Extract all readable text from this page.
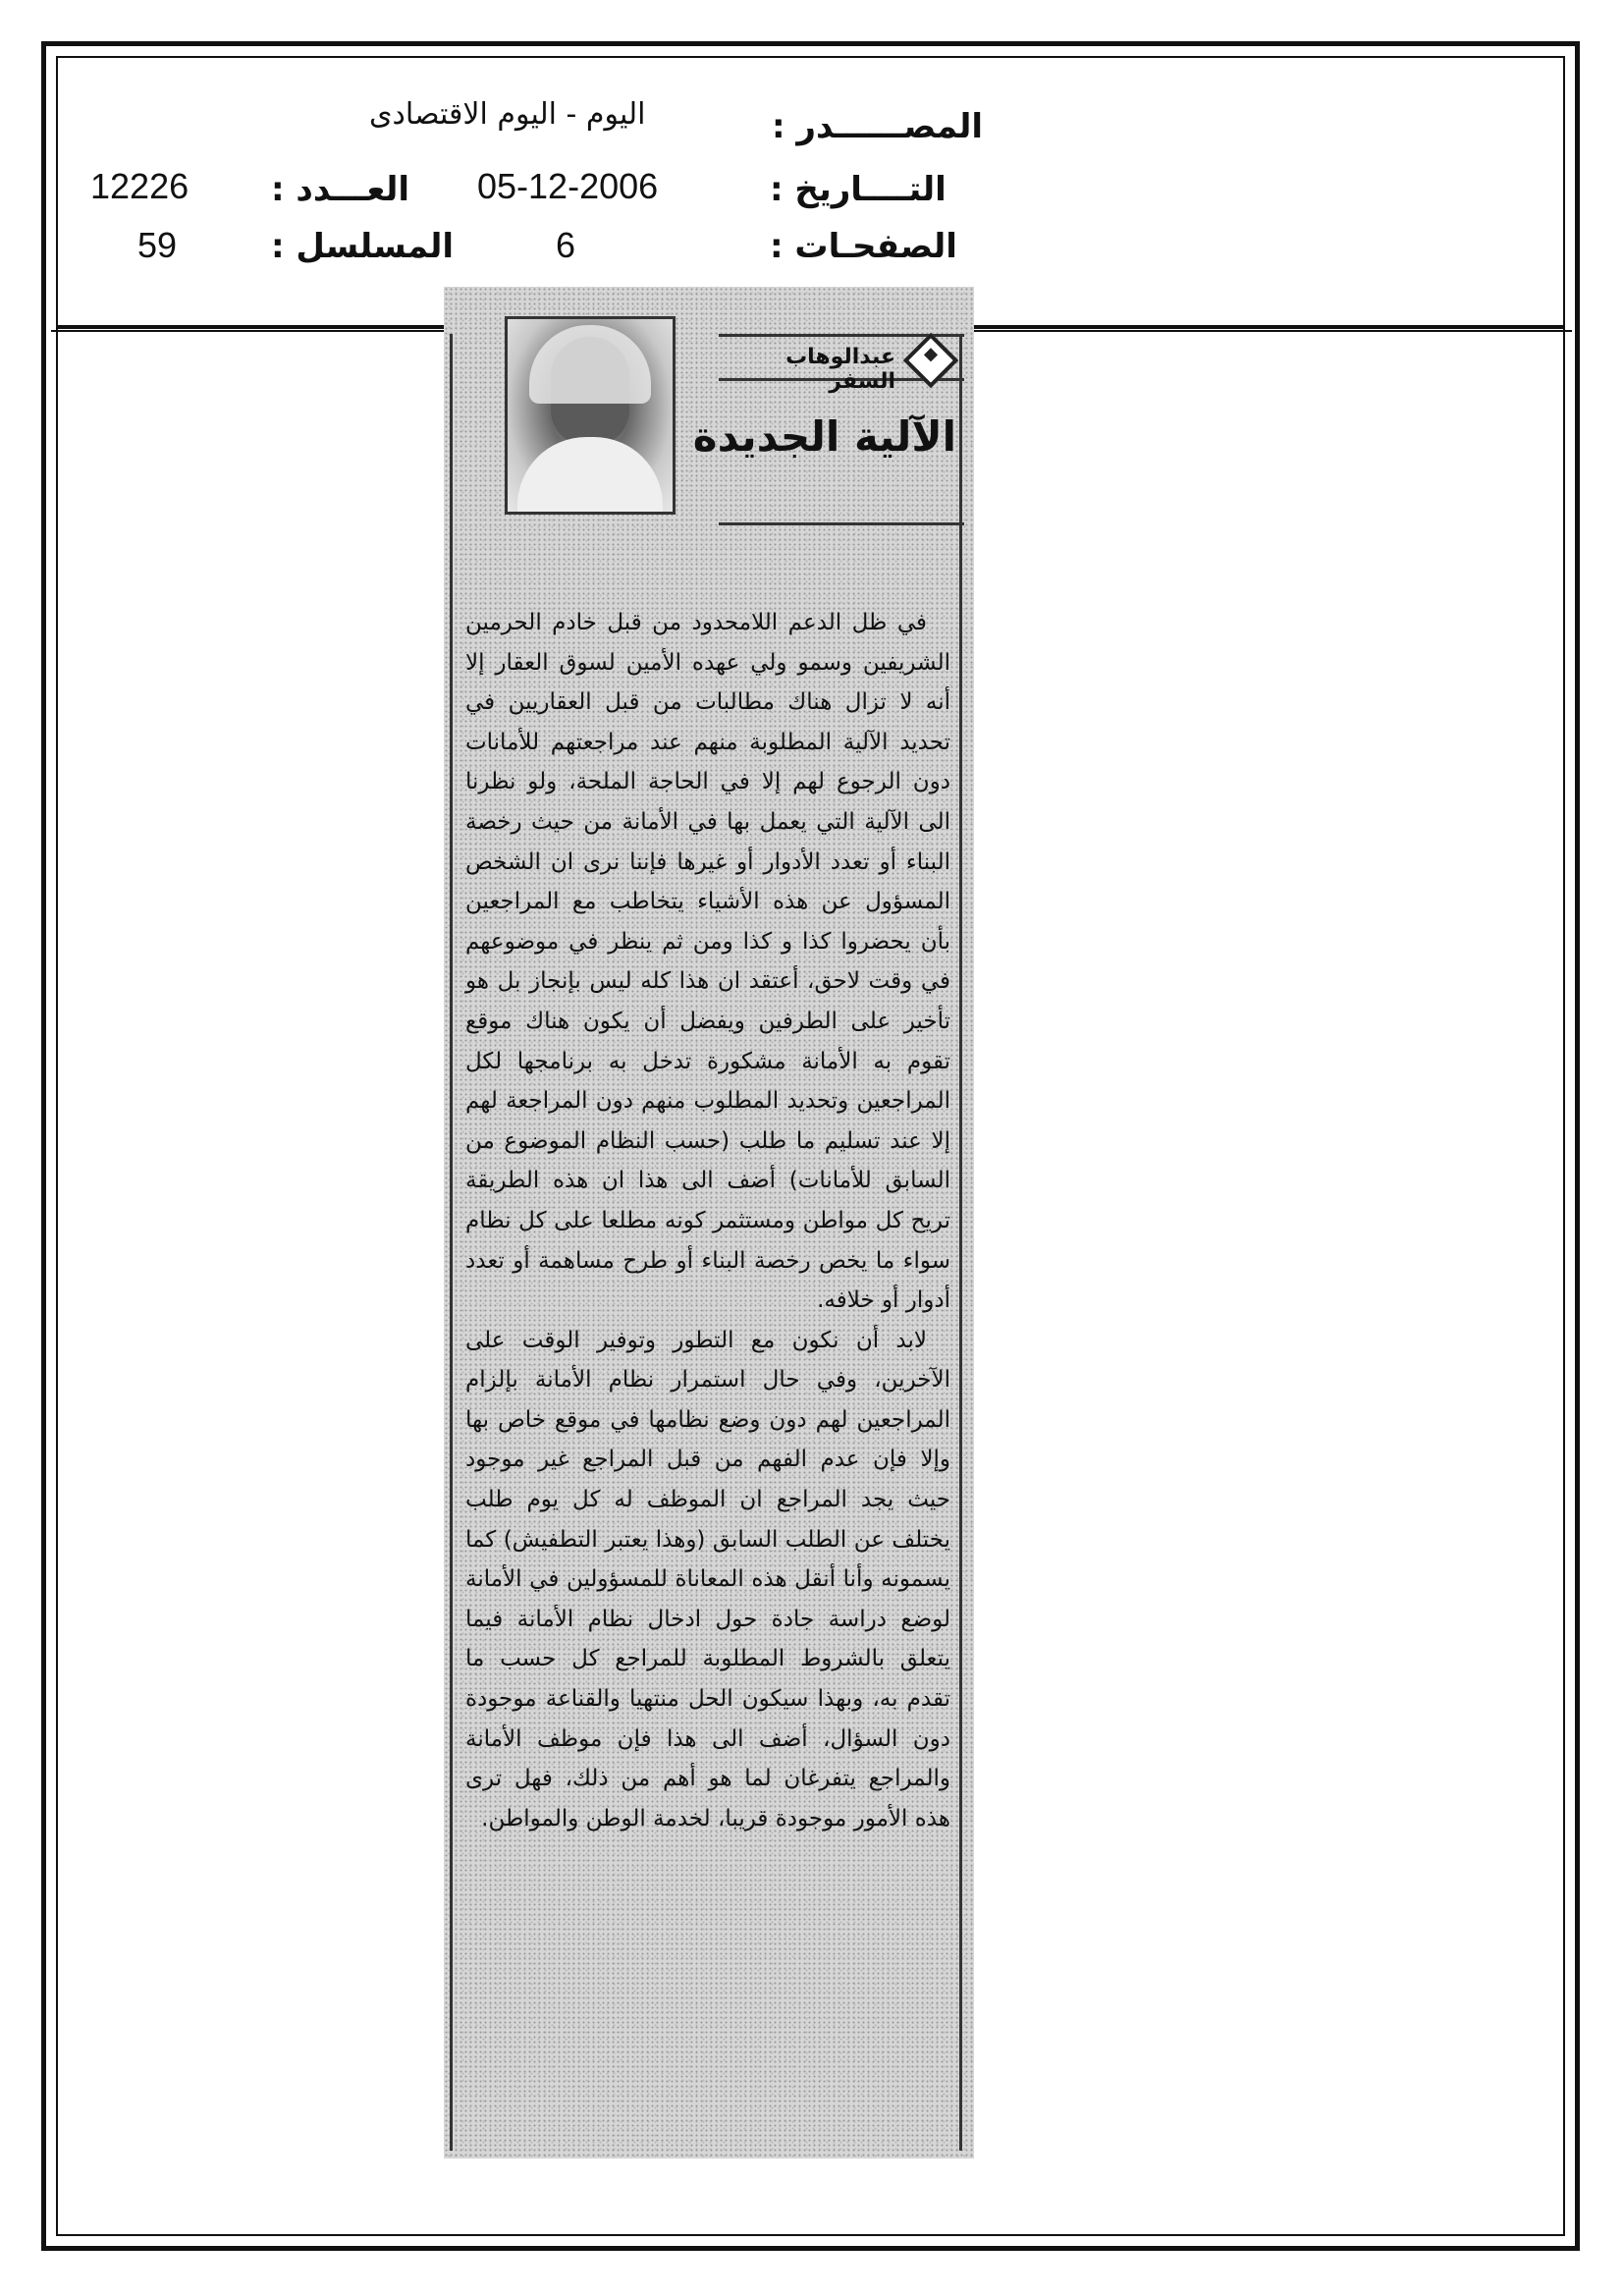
المصــــــدر :
اليوم - اليوم الاقتصادى
التــــاريخ :
05-12-2006
العـــدد :
12226
الصفحـات :
6
المسلسل :
59
عبدالوهاب السفر
الآلية الجديدة

في ظل الدعم اللامحدود من قبل خادم الحرمين الشريفين وسمو ولي عهده الأمين لسوق العقار إلا أنه لا تزال هناك مطالبات من قبل العقاريين في تحديد الآلية المطلوبة منهم عند مراجعتهم للأمانات دون الرجوع لهم إلا في الحاجة الملحة، ولو نظرنا الى الآلية التي يعمل بها في الأمانة من حيث رخصة البناء أو تعدد الأدوار أو غيرها فإننا نرى ان الشخص المسؤول عن هذه الأشياء يتخاطب مع المراجعين بأن يحضروا كذا و كذا ومن ثم ينظر في موضوعهم في وقت لاحق، أعتقد ان هذا كله ليس بإنجاز بل هو تأخير على الطرفين ويفضل أن يكون هناك موقع تقوم به الأمانة مشكورة تدخل به برنامجها لكل المراجعين وتحديد المطلوب منهم دون المراجعة لهم إلا عند تسليم ما طلب (حسب النظام الموضوع من السابق للأمانات) أضف الى هذا ان هذه الطريقة تريح كل مواطن ومستثمر كونه مطلعا على كل نظام سواء ما يخص رخصة البناء أو طرح مساهمة أو تعدد أدوار أو خلافه.

لابد أن نكون مع التطور وتوفير الوقت على الآخرين، وفي حال استمرار نظام الأمانة بإلزام المراجعين لهم دون وضع نظامها في موقع خاص بها وإلا فإن عدم الفهم من قبل المراجع غير موجود حيث يجد المراجع ان الموظف له كل يوم طلب يختلف عن الطلب السابق (وهذا يعتبر التطفيش) كما يسمونه وأنا أنقل هذه المعاناة للمسؤولين في الأمانة لوضع دراسة جادة حول ادخال نظام الأمانة فيما يتعلق بالشروط المطلوبة للمراجع كل حسب ما تقدم به، وبهذا سيكون الحل منتهيا والقناعة موجودة دون السؤال، أضف الى هذا فإن موظف الأمانة والمراجع يتفرغان لما هو أهم من ذلك، فهل ترى هذه الأمور موجودة قريبا، لخدمة الوطن والمواطن.
